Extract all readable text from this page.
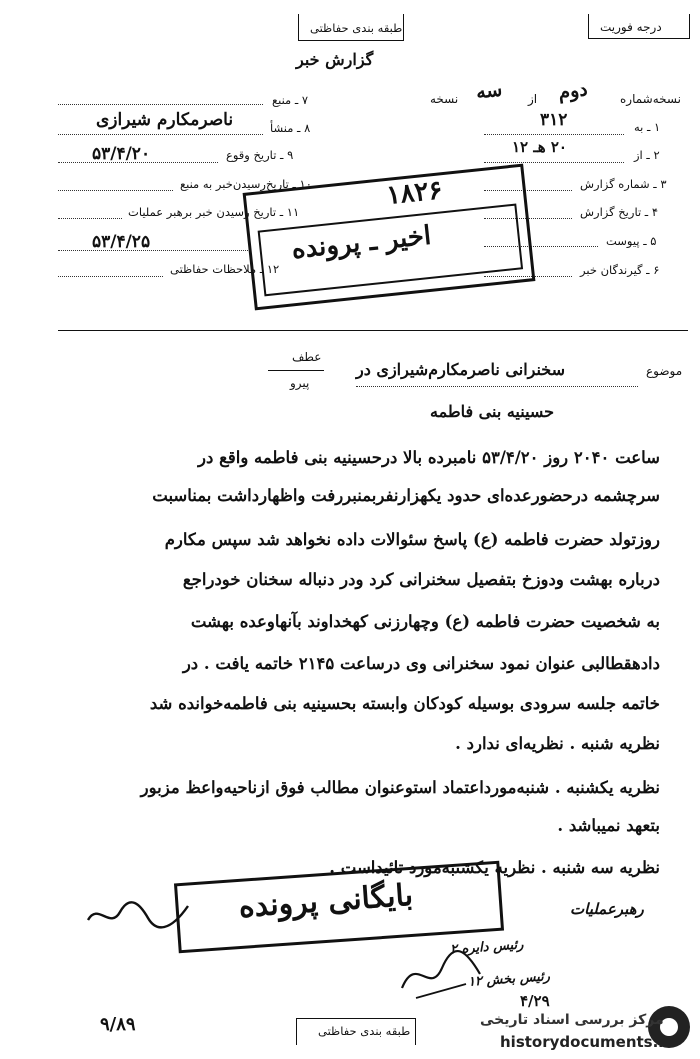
درجه فوریت
طبقه بندی حفاظتی
گزارش خبر
نسخه‌شماره
دوم
از
سه
نسخه
۷ ـ منبع
۸ ـ منشأ
ناصرمکارم شیرازی
۹ ـ تاریخ وقوع
۵۳/۴/۲۰
۱۰ ـ تاریخ‌رسیدن‌خبر به منبع
۱۱ ـ تاریخ رسیدن خبر برهبر عملیات
۵۳/۴/۲۵
۱۲ ـ ملاحظات حفاظتی
۱ ـ به
۳۱۲
۲ ـ از
۲۰ هـ ۱۲
۳ ـ شماره گزارش
۴ ـ تاریخ گزارش
۵ ـ پیوست
۶ ـ گیرندگان خبر
۱۸۲۶
اخیر ـ پرونده
موضوع
سخنرانی ناصرمکارم‌شیرازی در
عطف
پیرو
حسینیه بنی فاطمه
ساعت ۲۰۴۰ روز ۵۳/۴/۲۰ نامبرده بالا درحسینیه بنی فاطمه واقع در
سرچشمه درحضورعده‌ای حدود یکهزارنفربمنبررفت واظهارداشت بمناسبت
روزتولد حضرت فاطمه (ع) پاسخ سئوالات داده نخواهد شد سپس مکارم
درباره بهشت ودوزخ بتفصیل سخنرانی کرد ودر دنباله سخنان خودراجع
به شخصیت حضرت فاطمه (ع) وچهارزنی کهخداوند بآنهاوعده بهشت
دادهقطالبی عنوان نمود سخنرانی وی درساعت ۲۱۴۵ خاتمه یافت . در
خاتمه جلسه سرودی بوسیله کودکان وابسته بحسینیه بنی فاطمه‌خوانده شد
نظریه شنبه . نظریه‌ای ندارد .
نظریه یکشنبه . شنبه‌مورداعتماد استوعنوان مطالب فوق ازناحیه‌واعظ مزبور
بتعهد نمیباشد .
نظریه سه شنبه . نظریه یکشنبه‌مورد تائیداست .
رهبرعملیات
بایگانی پرونده
رئیس دایره ۲
رئیس بخش ۱۲
۴/۲۹
۹/۸۹	طبقه بندی حفاظتی
مرکز بررسی اسناد تاریخی
historydocuments.ir
